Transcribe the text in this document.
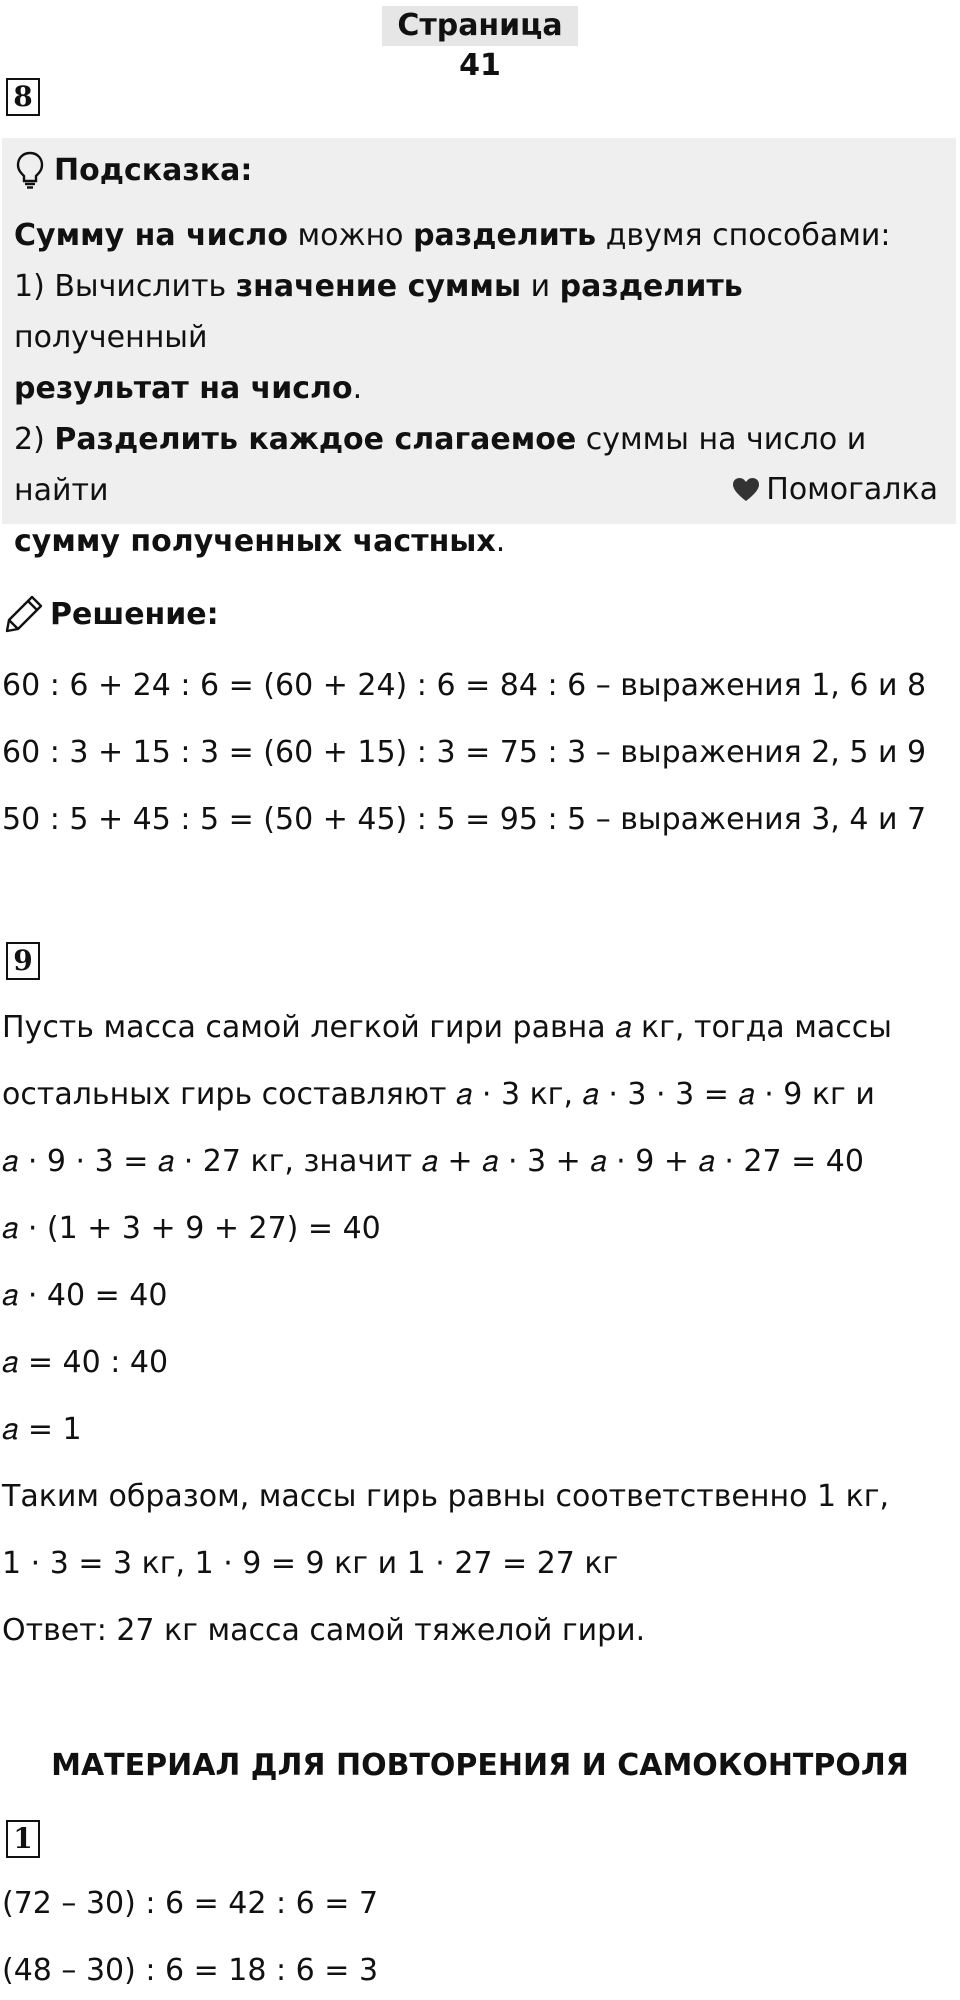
Страница 41
8
Подсказка:
Сумму на число можно разделить двумя способами:
1) Вычислить значение суммы и разделить полученный
результат на число.
2) Разделить каждое слагаемое суммы на число и найти
сумму полученных частных.
Помогалка
Решение:
60 : 6 + 24 : 6 = (60 + 24) : 6 = 84 : 6 – выражения 1, 6 и 8
60 : 3 + 15 : 3 = (60 + 15) : 3 = 75 : 3 – выражения 2, 5 и 9
50 : 5 + 45 : 5 = (50 + 45) : 5 = 95 : 5 – выражения 3, 4 и 7
9
Пусть масса самой легкой гири равна 𝑎 кг, тогда массы
остальных гирь составляют 𝑎 · 3 кг, 𝑎 · 3 · 3 = 𝑎 · 9 кг и
𝑎 · 9 · 3 = 𝑎 · 27 кг, значит 𝑎 + 𝑎 · 3 + 𝑎 · 9 + 𝑎 · 27 = 40
𝑎 · (1 + 3 + 9 + 27) = 40
𝑎 · 40 = 40
𝑎 = 40 : 40
𝑎 = 1
Таким образом, массы гирь равны соответственно 1 кг,
1 · 3 = 3 кг, 1 · 9 = 9 кг и 1 · 27 = 27 кг
Ответ: 27 кг масса самой тяжелой гири.
МАТЕРИАЛ ДЛЯ ПОВТОРЕНИЯ И САМОКОНТРОЛЯ
1
(72 – 30) : 6 = 42 : 6 = 7
(48 – 30) : 6 = 18 : 6 = 3
